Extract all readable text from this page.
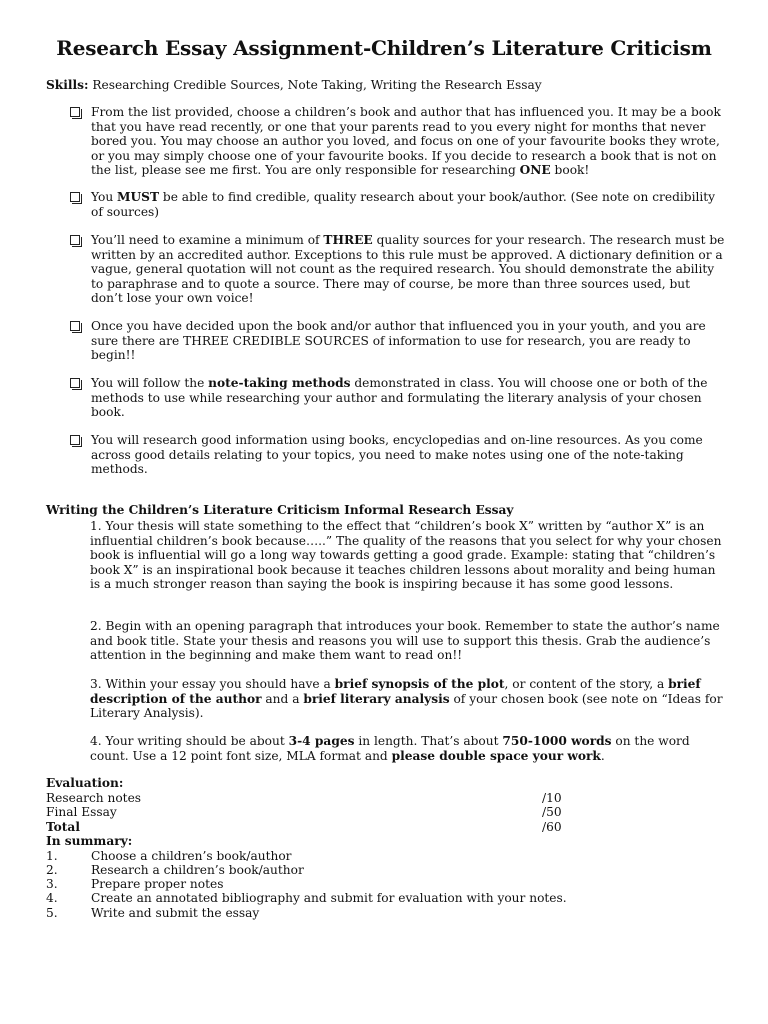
Research Essay Assignment-Children’s Literature Criticism
Skills: Researching Credible Sources, Note Taking, Writing the Research Essay
From the list provided, choose a children’s book and author that has influenced you. It may be a book that you have read recently, or one that your parents read to you every night for months that never bored you. You may choose an author you loved, and focus on one of your favourite books they wrote, or you may simply choose one of your favourite books. If you decide to research a book that is not on the list, please see me first. You are only responsible for researching ONE book!
You MUST be able to find credible, quality research about your book/author. (See note on credibility of sources)
You’ll need to examine a minimum of THREE quality sources for your research. The research must be written by an accredited author. Exceptions to this rule must be approved. A dictionary definition or a vague, general quotation will not count as the required research. You should demonstrate the ability to paraphrase and to quote a source. There may of course, be more than three sources used, but don’t lose your own voice!
Once you have decided upon the book and/or author that influenced you in your youth, and you are sure there are THREE CREDIBLE SOURCES of information to use for research, you are ready to begin!!
You will follow the note-taking methods demonstrated in class. You will choose one or both of the methods to use while researching your author and formulating the literary analysis of your chosen book.
You will research good information using books, encyclopedias and on-line resources. As you come across good details relating to your topics, you need to make notes using one of the note-taking methods.
Writing the Children’s Literature Criticism Informal Research Essay
1. Your thesis will state something to the effect that “children’s book X” written by “author X” is an influential children’s book because…..” The quality of the reasons that you select for why your chosen book is influential will go a long way towards getting a good grade. Example: stating that “children’s book X” is an inspirational book because it teaches children lessons about morality and being human is a much stronger reason than saying the book is inspiring because it has some good lessons.
2. Begin with an opening paragraph that introduces your book. Remember to state the author’s name and book title. State your thesis and reasons you will use to support this thesis. Grab the audience’s attention in the beginning and make them want to read on!!
3. Within your essay you should have a brief synopsis of the plot, or content of the story, a brief description of the author and a brief literary analysis of your chosen book (see note on “Ideas for Literary Analysis).
4. Your writing should be about 3-4 pages in length. That’s about 750-1000 words on the word count. Use a 12 point font size, MLA format and please double space your work.
Evaluation:
Research notes	/10
Final Essay	/50
Total	/60
In summary:
1.	Choose a children’s book/author
2.	Research a children’s book/author
3.	Prepare proper notes
4.	Create an annotated bibliography and submit for evaluation with your notes.
5.	Write and submit the essay
